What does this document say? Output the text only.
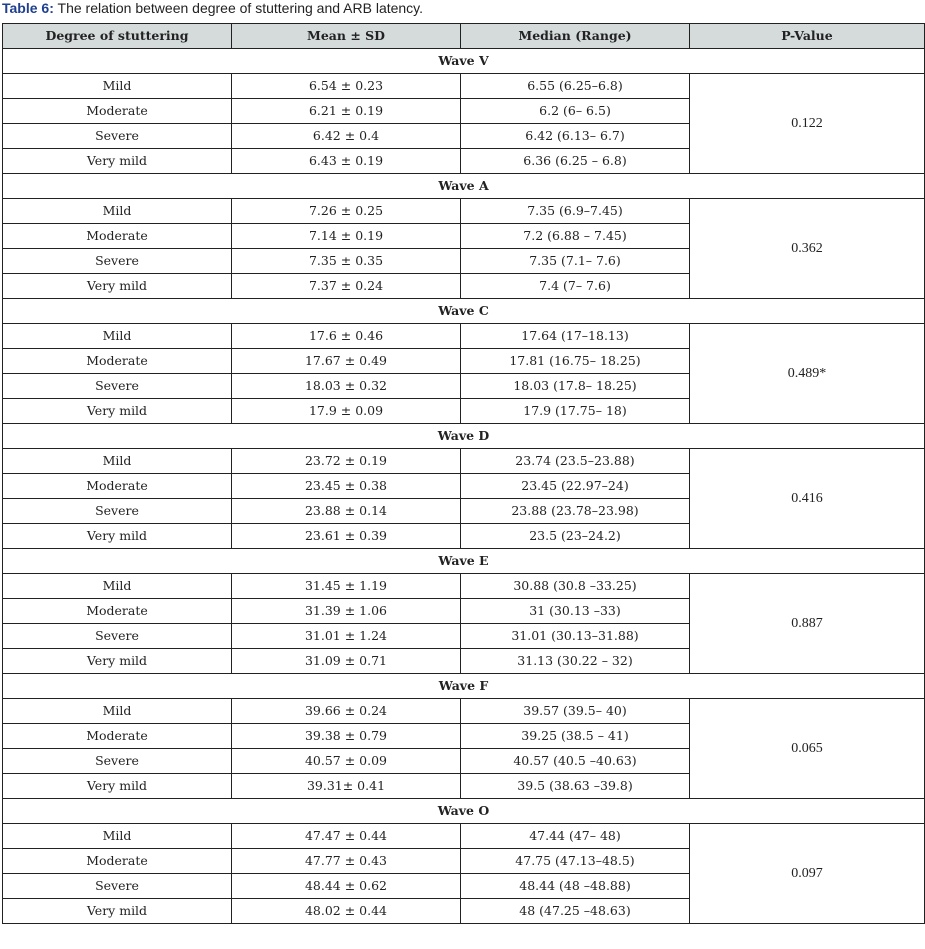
Table 6: The relation between degree of stuttering and ARB latency.
Degree of stuttering	Mean ± SD	Median (Range)	P-Value
Wave V			
Mild	6.54 ± 0.23	6.55 (6.25–6.8)	0.122
Moderate	6.21 ± 0.19	6.2 (6– 6.5)	
Severe	6.42 ± 0.4	6.42 (6.13– 6.7)	
Very mild	6.43 ± 0.19	6.36 (6.25 – 6.8)	
Wave A			
Mild	7.26 ± 0.25	7.35 (6.9–7.45)	0.362
Moderate	7.14 ± 0.19	7.2 (6.88 – 7.45)	
Severe	7.35 ± 0.35	7.35 (7.1– 7.6)	
Very mild	7.37 ± 0.24	7.4 (7– 7.6)	
Wave C			
Mild	17.6 ± 0.46	17.64 (17–18.13)	0.489*
Moderate	17.67 ± 0.49	17.81 (16.75– 18.25)	
Severe	18.03 ± 0.32	18.03 (17.8– 18.25)	
Very mild	17.9 ± 0.09	17.9 (17.75– 18)	
Wave D			
Mild	23.72 ± 0.19	23.74 (23.5–23.88)	0.416
Moderate	23.45 ± 0.38	23.45 (22.97–24)	
Severe	23.88 ± 0.14	23.88 (23.78–23.98)	
Very mild	23.61 ± 0.39	23.5 (23–24.2)	
Wave E			
Mild	31.45 ± 1.19	30.88 (30.8 –33.25)	0.887
Moderate	31.39 ± 1.06	31 (30.13 –33)	
Severe	31.01 ± 1.24	31.01 (30.13–31.88)	
Very mild	31.09 ± 0.71	31.13 (30.22 – 32)	
Wave F			
Mild	39.66 ± 0.24	39.57 (39.5– 40)	0.065
Moderate	39.38 ± 0.79	39.25 (38.5 – 41)	
Severe	40.57 ± 0.09	40.57 (40.5 –40.63)	
Very mild	39.31± 0.41	39.5 (38.63 –39.8)	
Wave O			
Mild	47.47 ± 0.44	47.44 (47– 48)	0.097
Moderate	47.77 ± 0.43	47.75 (47.13–48.5)	
Severe	48.44 ± 0.62	48.44 (48 –48.88)	
Very mild	48.02 ± 0.44	48 (47.25 –48.63)	
